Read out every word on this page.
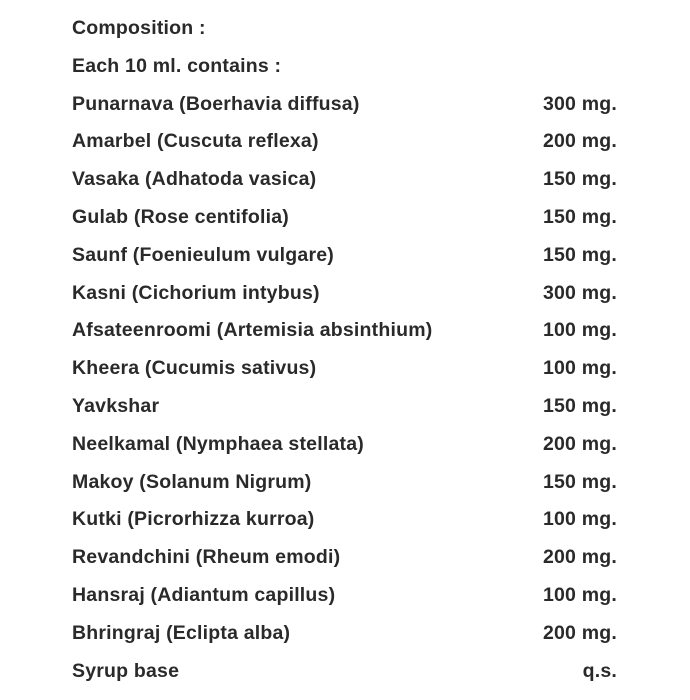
Composition :
Each 10 ml. contains :
Punarnava (Boerhavia diffusa)	300 mg.
Amarbel (Cuscuta reflexa)	200 mg.
Vasaka (Adhatoda vasica)	150 mg.
Gulab (Rose centifolia)	150 mg.
Saunf (Foenieulum vulgare)	150 mg.
Kasni (Cichorium intybus)	300 mg.
Afsateenroomi (Artemisia absinthium)	100 mg.
Kheera (Cucumis sativus)	100 mg.
Yavkshar	150 mg.
Neelkamal (Nymphaea stellata)	200 mg.
Makoy (Solanum Nigrum)	150 mg.
Kutki (Picrorhizza kurroa)	100 mg.
Revandchini (Rheum emodi)	200 mg.
Hansraj (Adiantum capillus)	100 mg.
Bhringraj (Eclipta alba)	200 mg.
Syrup base	q.s.
